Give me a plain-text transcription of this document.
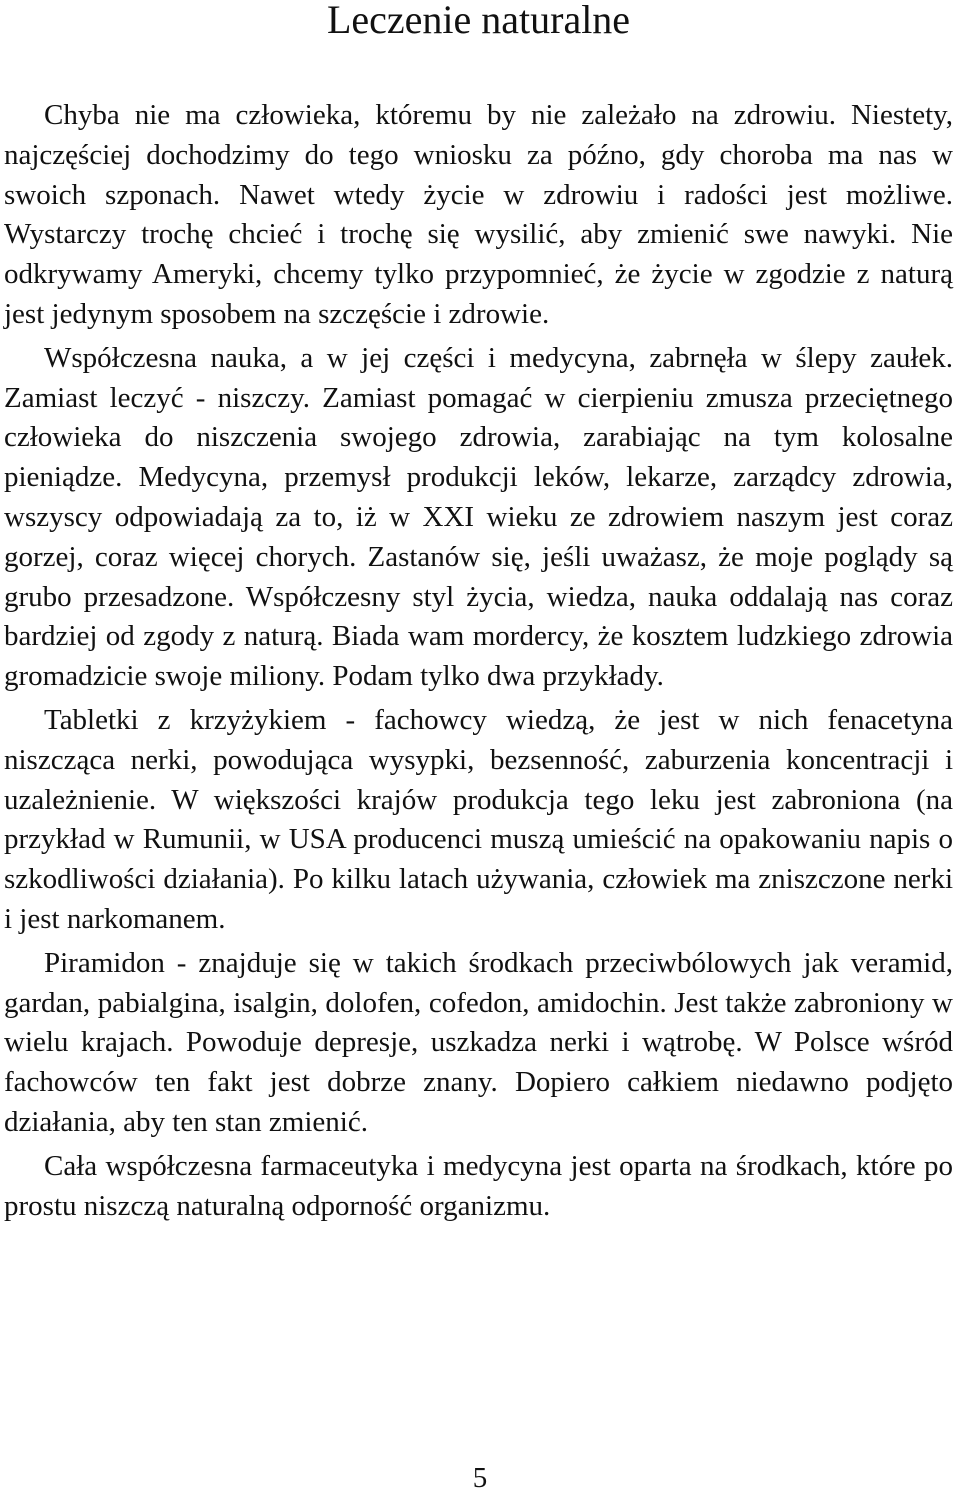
Leczenie naturalne

Chyba nie ma człowieka, któremu by nie zależało na zdrowiu. Niestety, najczęściej dochodzimy do tego wniosku za późno, gdy choroba ma nas w swoich szponach. Nawet wtedy życie w zdrowiu i radości jest możliwe. Wystarczy trochę chcieć i trochę się wysilić, aby zmienić swe nawyki. Nie odkrywamy Ameryki, chcemy tylko przypomnieć, że życie w zgodzie z naturą jest jedynym sposobem na szczęście i zdrowie.

Współczesna nauka, a w jej części i medycyna, zabrnęła w ślepy zaułek. Zamiast leczyć - niszczy. Zamiast pomagać w cierpieniu zmusza przeciętnego człowieka do niszczenia swojego zdrowia, zarabiając na tym kolosalne pieniądze. Medycyna, przemysł produkcji leków, lekarze, zarządcy zdrowia, wszyscy odpowiadają za to, iż w XXI wieku ze zdrowiem naszym jest coraz gorzej, coraz więcej chorych. Zastanów się, jeśli uważasz, że moje poglądy są grubo przesadzone. Współczesny styl życia, wiedza, nauka oddalają nas coraz bardziej od zgody z naturą. Biada wam mordercy, że kosztem ludzkiego zdrowia gromadzicie swoje miliony. Podam tylko dwa przykłady.

Tabletki z krzyżykiem - fachowcy wiedzą, że jest w nich fenacetyna niszcząca nerki, powodująca wysypki, bezsenność, zaburzenia koncentracji i uzależnienie. W większości krajów produkcja tego leku jest zabroniona (na przykład w Rumunii, w USA producenci muszą umieścić na opakowaniu napis o szkodliwości działania). Po kilku latach używania, człowiek ma zniszczone nerki i jest narkomanem.

Piramidon - znajduje się w takich środkach przeciwbólowych jak veramid, gardan, pabialgina, isalgin, dolofen, cofedon, amidochin. Jest także zabroniony w wielu krajach. Powoduje depresje, uszkadza nerki i wątrobę. W Polsce wśród fachowców ten fakt jest dobrze znany. Dopiero całkiem niedawno podjęto działania, aby ten stan zmienić.

Cała współczesna farmaceutyka i medycyna jest oparta na środkach, które po prostu niszczą naturalną odporność organizmu.

5
